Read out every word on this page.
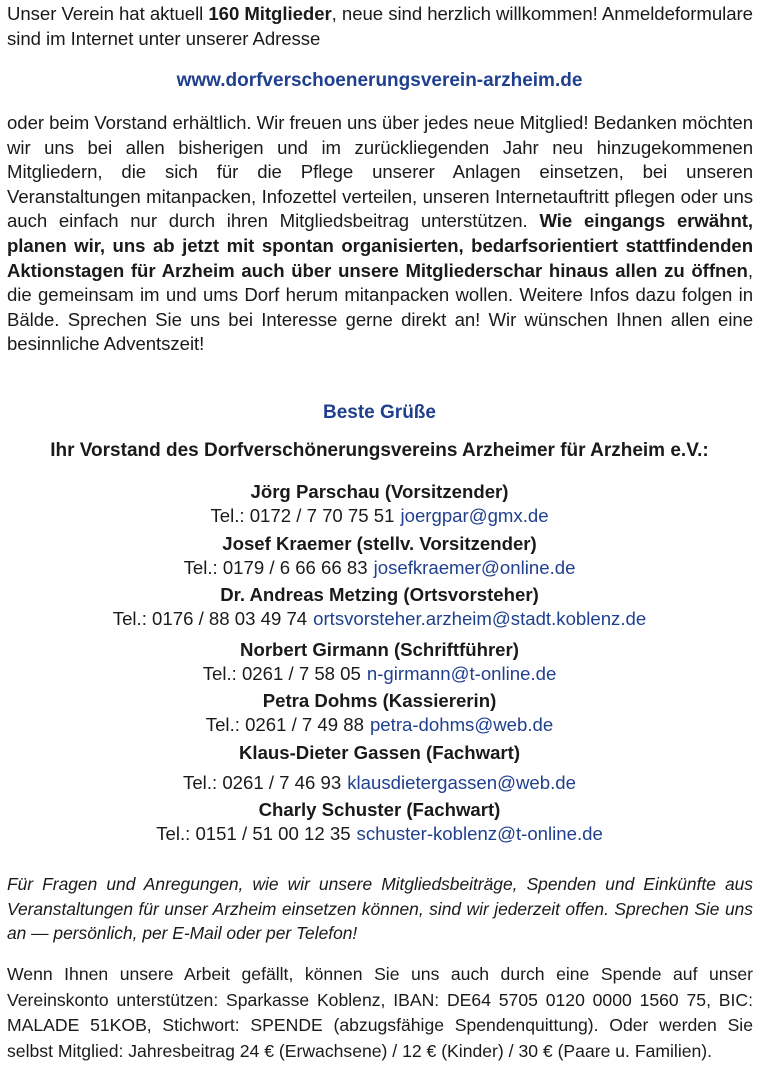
Unser Verein hat aktuell 160 Mitglieder, neue sind herzlich willkommen! Anmeldeformulare sind im Internet unter unserer Adresse

www.dorfverschoenerungsverein-arzheim.de

oder beim Vorstand erhältlich. Wir freuen uns über jedes neue Mitglied! Bedanken möchten wir uns bei allen bisherigen und im zurückliegenden Jahr neu hinzugekommenen Mitgliedern, die sich für die Pflege unserer Anlagen einsetzen, bei unseren Veranstaltungen mitanpacken, Infozettel verteilen, unseren Internetauftritt pflegen oder uns auch einfach nur durch ihren Mitgliedsbeitrag unterstützen. Wie eingangs erwähnt, planen wir, uns ab jetzt mit spontan organisierten, bedarfsorientiert stattfindenden Aktionstagen für Arzheim auch über unsere Mitgliederschar hinaus allen zu öffnen, die gemeinsam im und ums Dorf herum mitanpacken wollen. Weitere Infos dazu folgen in Bälde. Sprechen Sie uns bei Interesse gerne direkt an! Wir wünschen Ihnen allen eine besinnliche Adventszeit!

Beste Grüße

Ihr Vorstand des Dorfverschönerungsvereins Arzheimer für Arzheim e.V.:

Jörg Parschau (Vorsitzender)
Tel.: 0172 / 7 70 75 51 joergpar@gmx.de
Josef Kraemer (stellv. Vorsitzender)
Tel.: 0179 / 6 66 66 83 josefkraemer@online.de
Dr. Andreas Metzing (Ortsvorsteher)
Tel.: 0176 / 88 03 49 74 ortsvorsteher.arzheim@stadt.koblenz.de
Norbert Girmann (Schriftführer)
Tel.: 0261 / 7 58 05 n-girmann@t-online.de
Petra Dohms (Kassiererin)
Tel.: 0261 / 7 49 88 petra-dohms@web.de
Klaus-Dieter Gassen (Fachwart)
Tel.: 0261 / 7 46 93 klausdietergassen@web.de
Charly Schuster (Fachwart)
Tel.: 0151 / 51 00 12 35 schuster-koblenz@t-online.de

Für Fragen und Anregungen, wie wir unsere Mitgliedsbeiträge, Spenden und Einkünfte aus Veranstaltungen für unser Arzheim einsetzen können, sind wir jederzeit offen. Sprechen Sie uns an — persönlich, per E-Mail oder per Telefon!

Wenn Ihnen unsere Arbeit gefällt, können Sie uns auch durch eine Spende auf unser Vereinskonto unterstützen: Sparkasse Koblenz, IBAN: DE64 5705 0120 0000 1560 75, BIC: MALADE 51KOB, Stichwort: SPENDE (abzugsfähige Spendenquittung). Oder werden Sie selbst Mitglied: Jahresbeitrag 24 € (Erwachsene) / 12 € (Kinder) / 30 € (Paare u. Familien).
